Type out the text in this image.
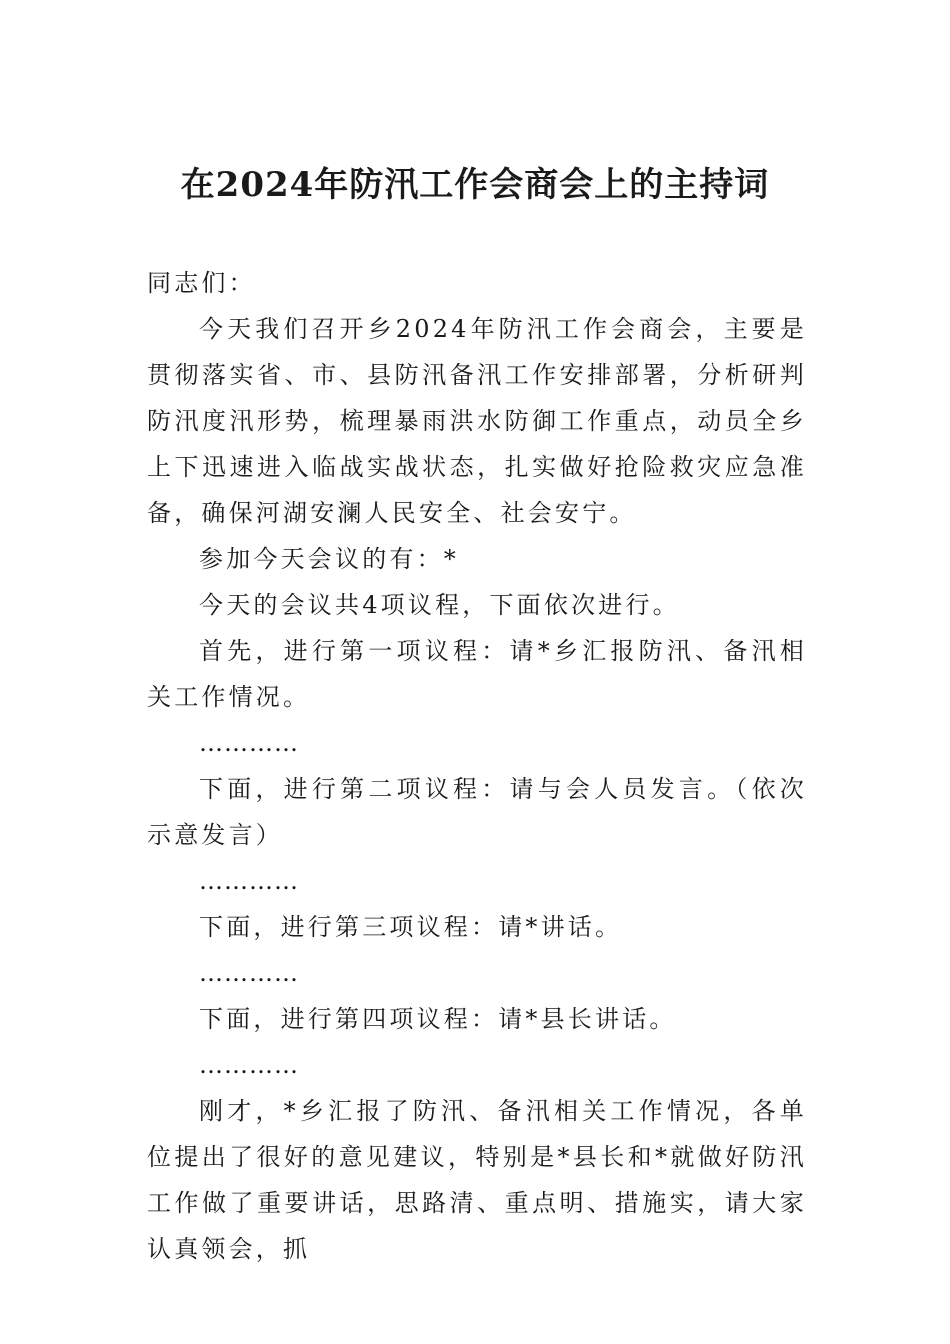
在2024年防汛工作会商会上的主持词

同志们：

今天我们召开乡2024年防汛工作会商会，主要是贯彻落实省、市、县防汛备汛工作安排部署，分析研判防汛度汛形势，梳理暴雨洪水防御工作重点，动员全乡上下迅速进入临战实战状态，扎实做好抢险救灾应急准备，确保河湖安澜人民安全、社会安宁。

参加今天会议的有：*

今天的会议共4项议程，下面依次进行。

首先，进行第一项议程：请*乡汇报防汛、备汛相关工作情况。

…………

下面，进行第二项议程：请与会人员发言。（依次示意发言）

…………

下面，进行第三项议程：请*讲话。

…………

下面，进行第四项议程：请*县长讲话。

…………

刚才，*乡汇报了防汛、备汛相关工作情况，各单位提出了很好的意见建议，特别是*县长和*就做好防汛工作做了重要讲话，思路清、重点明、措施实，请大家认真领会，抓
